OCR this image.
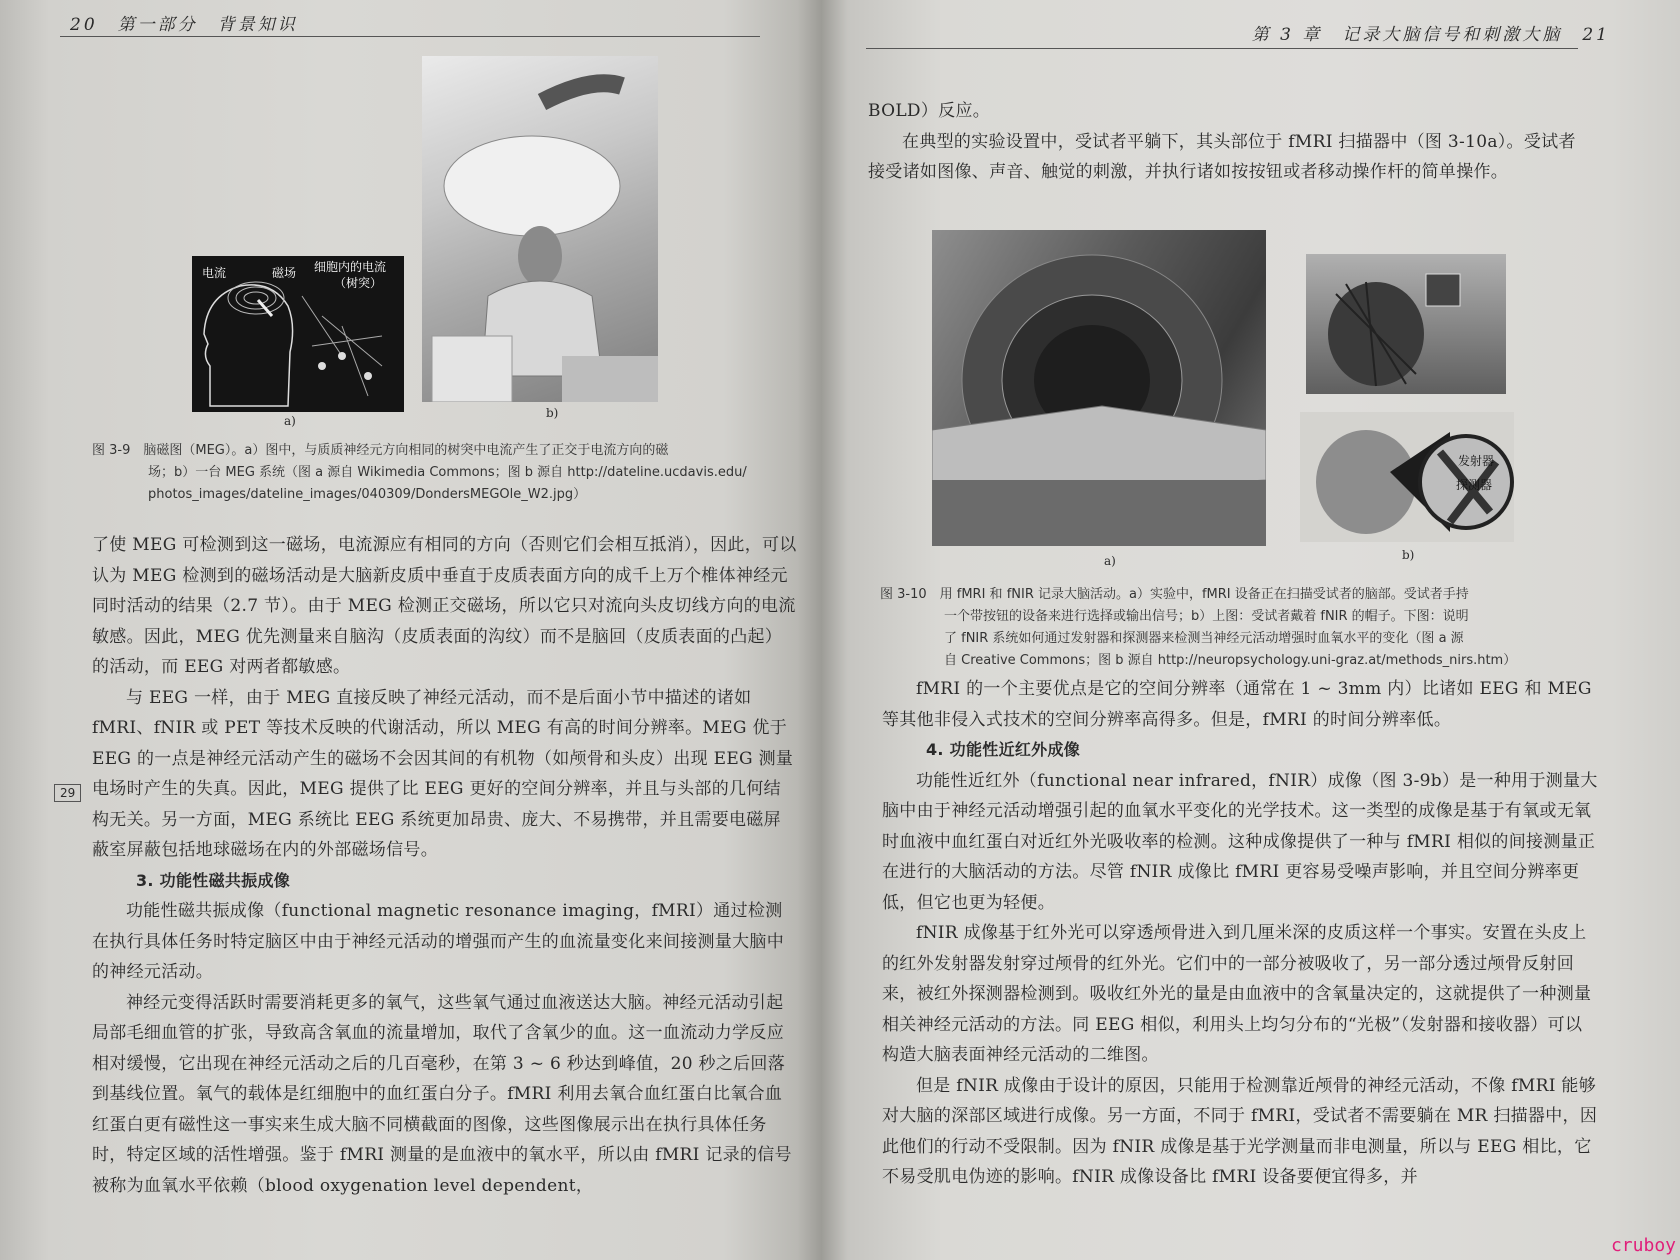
20　第一部分　背景知识
电流	磁场 细胞内的电流
（树突）
a)
b)
图 3-9　脑磁图（MEG）。a）图中，与质质神经元方向相同的树突中电流产生了正交于电流方向的磁
场；b）一台 MEG 系统（图 a 源自 Wikimedia Commons；图 b 源自 http://dateline.ucdavis.edu/
photos_images/dateline_images/040309/DondersMEGOle_W2.jpg）

了使 MEG 可检测到这一磁场，电流源应有相同的方向（否则它们会相互抵消），因此，可以认为 MEG 检测到的磁场活动是大脑新皮质中垂直于皮质表面方向的成千上万个椎体神经元同时活动的结果（2.7 节）。由于 MEG 检测正交磁场，所以它只对流向头皮切线方向的电流敏感。因此，MEG 优先测量来自脑沟（皮质表面的沟纹）而不是脑回（皮质表面的凸起）的活动，而 EEG 对两者都敏感。

与 EEG 一样，由于 MEG 直接反映了神经元活动，而不是后面小节中描述的诸如 fMRI、fNIR 或 PET 等技术反映的代谢活动，所以 MEG 有高的时间分辨率。MEG 优于 EEG 的一点是神经元活动产生的磁场不会因其间的有机物（如颅骨和头皮）出现 EEG 测量电场时产生的失真。因此，MEG 提供了比 EEG 更好的空间分辨率，并且与头部的几何结构无关。另一方面，MEG 系统比 EEG 系统更加昂贵、庞大、不易携带，并且需要电磁屏蔽室屏蔽包括地球磁场在内的外部磁场信号。

3. 功能性磁共振成像

功能性磁共振成像（functional magnetic resonance imaging，fMRI）通过检测在执行具体任务时特定脑区中由于神经元活动的增强而产生的血流量变化来间接测量大脑中的神经元活动。

神经元变得活跃时需要消耗更多的氧气，这些氧气通过血液送达大脑。神经元活动引起局部毛细血管的扩张，导致高含氧血的流量增加，取代了含氧少的血。这一血流动力学反应相对缓慢，它出现在神经元活动之后的几百毫秒，在第 3 ~ 6 秒达到峰值，20 秒之后回落到基线位置。氧气的载体是红细胞中的血红蛋白分子。fMRI 利用去氧合血红蛋白比氧合血红蛋白更有磁性这一事实来生成大脑不同横截面的图像，这些图像展示出在执行具体任务时，特定区域的活性增强。鉴于 fMRI 测量的是血液中的氧水平，所以由 fMRI 记录的信号被称为血氧水平依赖（blood oxygenation level dependent，

29
第 3 章　记录大脑信号和刺激大脑　21

BOLD）反应。

在典型的实验设置中，受试者平躺下，其头部位于 fMRI 扫描器中（图 3-10a）。受试者接受诸如图像、声音、触觉的刺激，并执行诸如按按钮或者移动操作杆的简单操作。

a)
发射器
探测器
b)
图 3-10　用 fMRI 和 fNIR 记录大脑活动。a）实验中，fMRI 设备正在扫描受试者的脑部。受试者手持
一个带按钮的设备来进行选择或输出信号；b）上图：受试者戴着 fNIR 的帽子。下图：说明
了 fNIR 系统如何通过发射器和探测器来检测当神经元活动增强时血氧水平的变化（图 a 源
自 Creative Commons；图 b 源自 http://neuropsychology.uni-graz.at/methods_nirs.htm）

fMRI 的一个主要优点是它的空间分辨率（通常在 1 ~ 3mm 内）比诸如 EEG 和 MEG 等其他非侵入式技术的空间分辨率高得多。但是，fMRI 的时间分辨率低。

4. 功能性近红外成像

功能性近红外（functional near infrared，fNIR）成像（图 3-9b）是一种用于测量大脑中由于神经元活动增强引起的血氧水平变化的光学技术。这一类型的成像是基于有氧或无氧时血液中血红蛋白对近红外光吸收率的检测。这种成像提供了一种与 fMRI 相似的间接测量正在进行的大脑活动的方法。尽管 fNIR 成像比 fMRI 更容易受噪声影响，并且空间分辨率更低，但它也更为轻便。

fNIR 成像基于红外光可以穿透颅骨进入到几厘米深的皮质这样一个事实。安置在头皮上的红外发射器发射穿过颅骨的红外光。它们中的一部分被吸收了，另一部分透过颅骨反射回来，被红外探测器检测到。吸收红外光的量是由血液中的含氧量决定的，这就提供了一种测量相关神经元活动的方法。同 EEG 相似，利用头上均匀分布的“光极”（发射器和接收器）可以构造大脑表面神经元活动的二维图。

但是 fNIR 成像由于设计的原因，只能用于检测靠近颅骨的神经元活动，不像 fMRI 能够对大脑的深部区域进行成像。另一方面，不同于 fMRI，受试者不需要躺在 MR 扫描器中，因此他们的行动不受限制。因为 fNIR 成像是基于光学测量而非电测量，所以与 EEG 相比，它不易受肌电伪迹的影响。fNIR 成像设备比 fMRI 设备要便宜得多，并

cruboy
